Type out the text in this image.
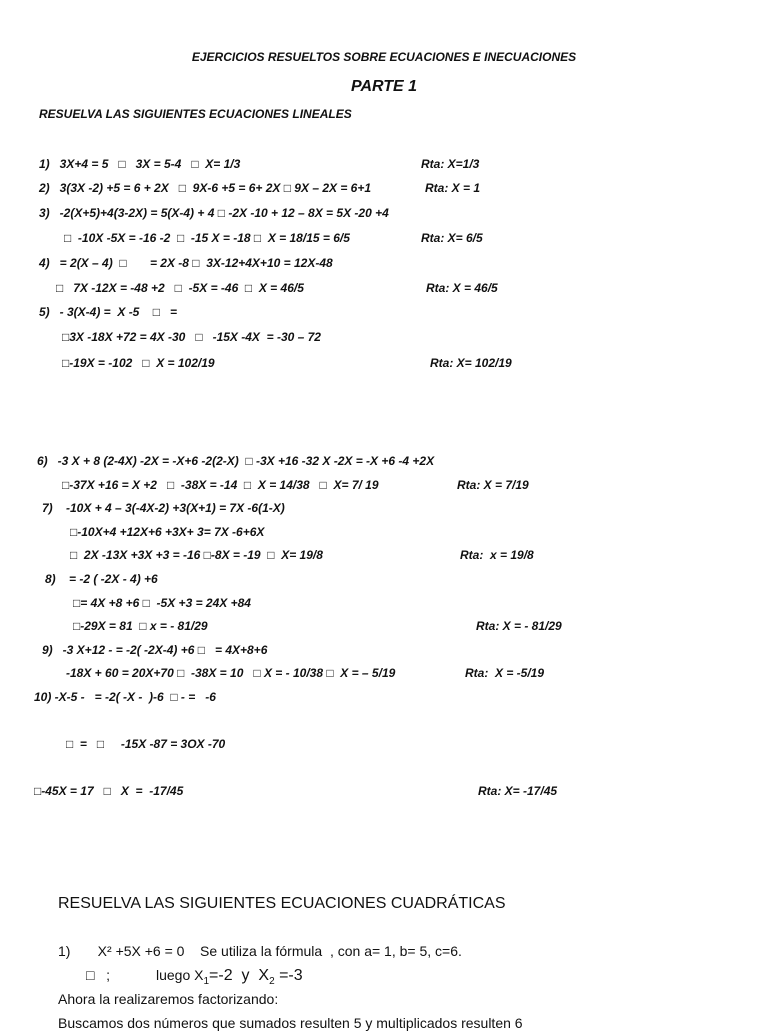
EJERCICIOS RESUELTOS SOBRE ECUACIONES E INECUACIONES
PARTE 1
RESUELVA LAS SIGUIENTES ECUACIONES LINEALES
1)   3X+4 = 5   □   3X = 5-4   □  X= 1/3	Rta: X=1/3
2)   3(3X -2) +5 = 6 + 2X   □  9X-6 +5 = 6+ 2X □ 9X – 2X = 6+1	Rta: X = 1
3)   -2(X+5)+4(3-2X) = 5(X-4) + 4 □ -2X -10 + 12 – 8X = 5X -20 +4
□  -10X -5X = -16 -2  □  -15 X = -18 □  X = 18/15 = 6/5	Rta: X= 6/5
4)   = 2(X – 4)  □       = 2X -8 □  3X-12+4X+10 = 12X-48
□   7X -12X = -48 +2   □  -5X = -46  □  X = 46/5	Rta: X = 46/5
5)   - 3(X-4) =  X -5    □   =
□3X -18X +72 = 4X -30   □   -15X -4X  = -30 – 72
□-19X = -102   □  X = 102/19	Rta: X= 102/19
6)   -3 X + 8 (2-4X) -2X = -X+6 -2(2-X)  □ -3X +16 -32 X -2X = -X +6 -4 +2X
□-37X +16 = X +2   □  -38X = -14  □  X = 14/38   □  X= 7/ 19	Rta: X = 7/19
7)    -10X + 4 – 3(-4X-2) +3(X+1) = 7X -6(1-X)
□-10X+4 +12X+6 +3X+ 3= 7X -6+6X
□  2X -13X +3X +3 = -16 □-8X = -19  □  X= 19/8	Rta:  x = 19/8
8)    = -2 ( -2X - 4) +6
□= 4X +8 +6 □  -5X +3 = 24X +84
□-29X = 81  □ x = - 81/29	Rta: X = - 81/29
9)   -3 X+12 - = -2( -2X-4) +6 □   = 4X+8+6
-18X + 60 = 20X+70 □  -38X = 10   □ X = - 10/38 □  X = – 5/19	Rta:  X = -5/19
10) -X-5 -   = -2( -X -  )-6  □ - =   -6
□  =   □     -15X -87 = 3OX -70
□-45X = 17   □   X  =  -17/45	Rta: X= -17/45
RESUELVA LAS SIGUIENTES ECUACIONES CUADRÁTICAS
1)       X² +5X +6 = 0    Se utiliza la fórmula  , con a= 1, b= 5, c=6.
□   ;	luego $X_1=-2$  y  $X_2 =-3$
Ahora la realizaremos factorizando:
Buscamos dos números que sumados resulten 5 y multiplicados resulten 6
